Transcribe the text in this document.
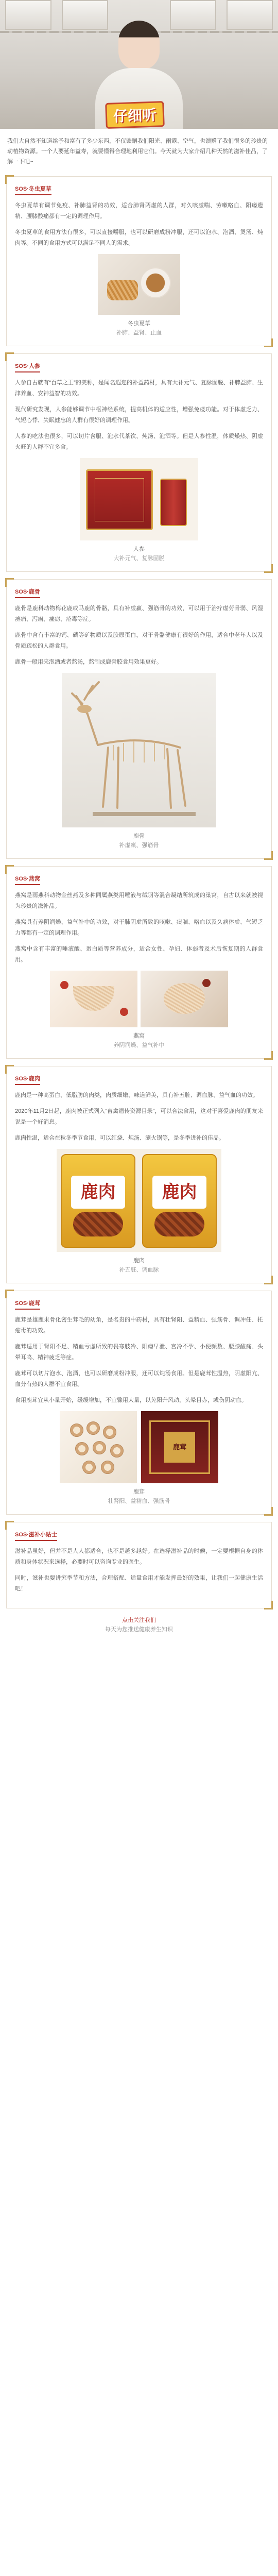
仔细听
我们大自然不知道给予和富有了多少东西，不仅馈赠我们阳光、雨露、空气，也馈赠了我们很多的珍贵的动植物资源。一个人要延年益寿，就要懂得合理地利用它们。今天就为大家介绍几种天然的滋补佳品，了解一下吧~
SOS·冬虫夏草

冬虫夏草有调节免疫、补肺益肾的功效，适合肺肾两虚的人群，对久咳虚喘、劳嗽咯血、阳痿遗精、腰膝酸痛都有一定的调理作用。

冬虫夏草的食用方法有很多，可以直接嚼服，也可以研磨成粉冲服，还可以泡水、泡酒、煲汤、炖肉等。不同的食用方式可以满足不同人的需求。

冬虫夏草
补肺、益肾、止血
SOS·人参

人参自古就有“百草之王”的美称，是闻名遐迩的补益药材，具有大补元气、复脉固脱、补脾益肺、生津养血、安神益智的功效。

现代研究发现，人参能够调节中枢神经系统，提高机体的适应性，增强免疫功能。对于体虚乏力、气短心悸、失眠健忘的人群有很好的调理作用。

人参的吃法也很多，可以切片含服、泡水代茶饮、炖汤、泡酒等。但是人参性温，体质燥热、阴虚火旺的人群不宜多食。

人参
大补元气、复脉固脱
SOS·鹿骨

鹿骨是鹿科动物梅花鹿或马鹿的骨骼，具有补虚羸、强筋骨的功效，可以用于治疗虚劳骨弱、风湿痹痛、泻痢、瘰疬、疮毒等症。

鹿骨中含有丰富的钙、磷等矿物质以及胶原蛋白，对于骨骼健康有很好的作用，适合中老年人以及骨质疏松的人群食用。

鹿骨一般用来泡酒或者熬汤，熬制成鹿骨胶食用效果更好。

鹿骨
补虚羸、强筋骨
SOS·燕窝

燕窝是雨燕科动物金丝燕及多种同属燕类用唾液与绒羽等混合凝结所筑成的巢窝，自古以来就被视为珍贵的滋补品。

燕窝具有养阴润燥、益气补中的功效，对于肺阴虚所致的咳嗽、痰喘、咯血以及久病体虚、气短乏力等都有一定的调理作用。

燕窝中含有丰富的唾液酸、蛋白质等营养成分，适合女性、孕妇、体弱者及术后恢复期的人群食用。

燕窝
养阴润燥、益气补中
SOS·鹿肉

鹿肉是一种高蛋白、低脂肪的肉类，肉质细嫩、味道鲜美，具有补五脏、调血脉、益气血的功效。

2020年11月2日起，鹿肉被正式列入“畜禽遗传资源目录”，可以合法食用，这对于喜爱鹿肉的朋友来说是一个好消息。

鹿肉性温，适合在秋冬季节食用，可以红烧、炖汤、涮火锅等，是冬季进补的佳品。

鹿肉	鹿肉
鹿肉
补五脏、调血脉
SOS·鹿茸

鹿茸是雄鹿未骨化密生茸毛的幼角，是名贵的中药材，具有壮肾阳、益精血、强筋骨、调冲任、托疮毒的功效。

鹿茸适用于肾阳不足、精血亏虚所致的畏寒肢冷、阳痿早泄、宫冷不孕、小便频数、腰膝酸痛、头晕耳鸣、精神疲乏等症。

鹿茸可以切片泡水、泡酒，也可以研磨成粉冲服，还可以炖汤食用。但是鹿茸性温热，阴虚阳亢、血分有热的人群不宜食用。

食用鹿茸宜从小量开始，缓缓增加，不宜骤用大量，以免阳升风动，头晕目赤，或伤阴动血。

鹿茸
鹿茸
壮肾阳、益精血、强筋骨
SOS·滋补小贴士

滋补品虽好，但并不是人人都适合，也不是越多越好。在选择滋补品的时候，一定要根据自身的体质和身体状况来选择，必要时可以咨询专业的医生。

同时，滋补也要讲究季节和方法，合理搭配、适量食用才能发挥最好的效果，让我们一起健康生活吧！

点击关注我们
每天为您推送健康养生知识
